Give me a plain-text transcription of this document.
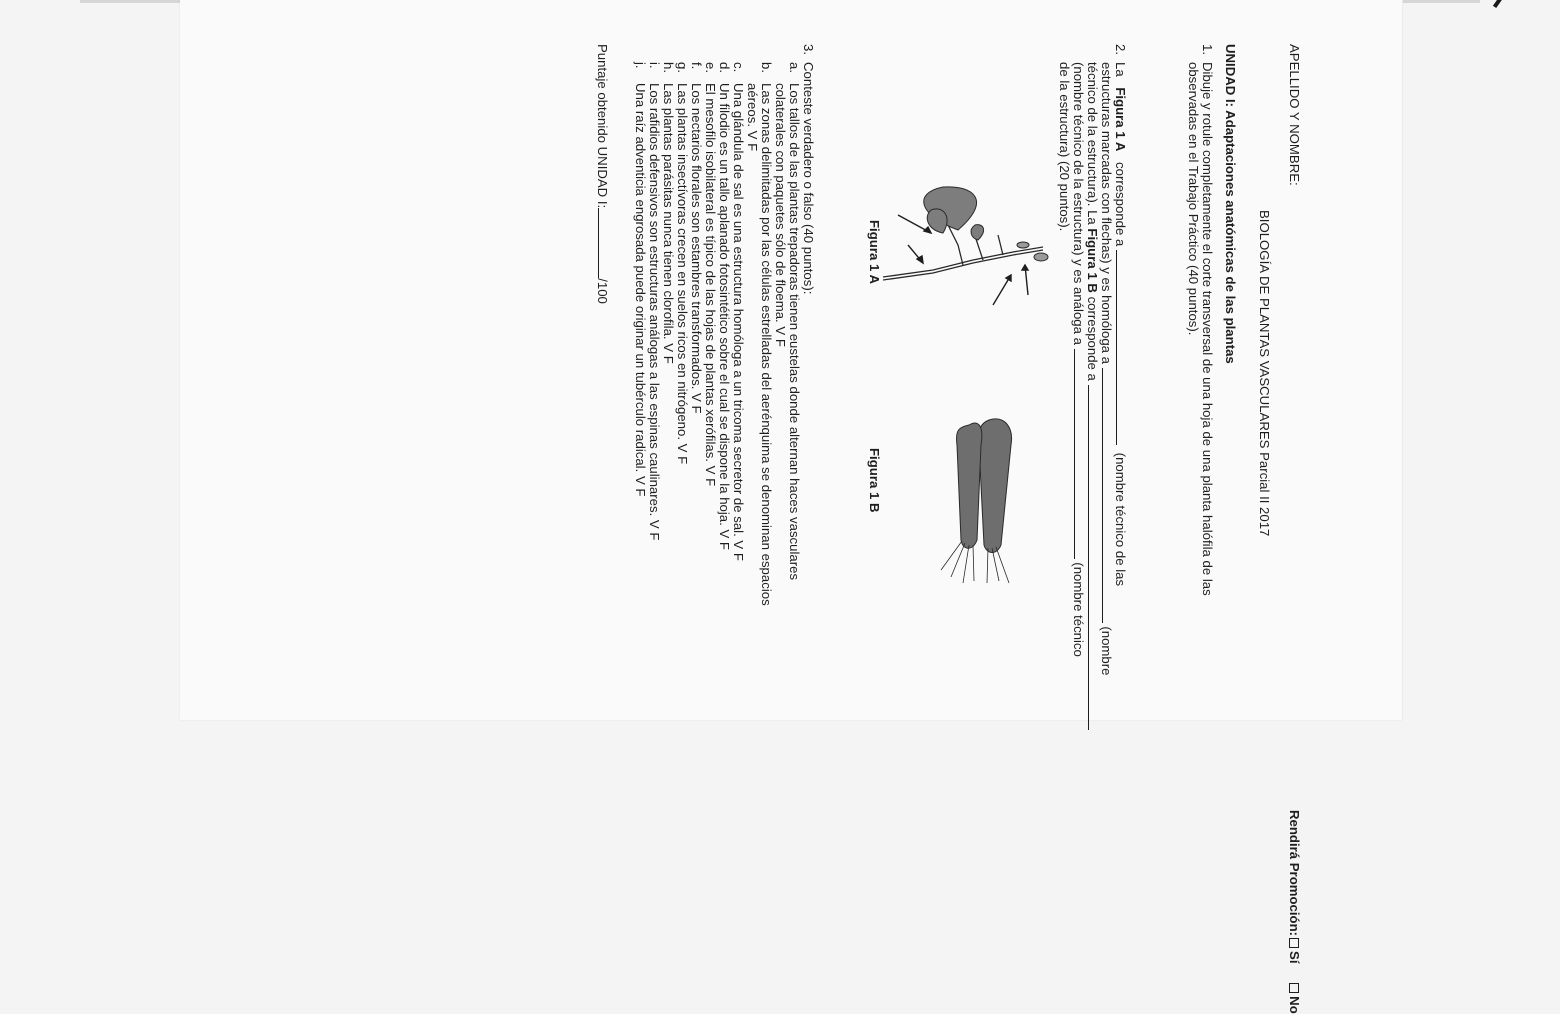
APELLIDO Y NOMBRE:
Rendirá Promoción:Sí No
BIOLOGÍA DE PLANTAS VASCULARES Parcial II 2017
UNIDAD I: Adaptaciones anatómicas de las plantas
1.
Dibuje y rotule completamente el corte transversal de una hoja de una planta halófila de las
observadas en el Trabajo Práctico (40 puntos).
2.
La Figura 1 A corresponde a  (nombre técnico de las
estructuras marcadas con flechas) y es homóloga a  (nombre
técnico de la estructura). La Figura 1 B corresponde a
(nombre técnico de la estructura) y es análoga a  (nombre técnico
de la estructura) (20 puntos).
Figura 1 A
Figura 1 B
3.
Conteste verdadero o falso (40 puntos):
a.
Los tallos de las plantas trepadoras tienen eustelas donde alternan haces vasculares
colaterales con paquetes sólo de floema. V F
b.
Las zonas delimitadas por las células estrelladas del aerénquima se denominan espacios
aéreos. V F
c.
Una glándula de sal es una estructura homóloga a un tricoma secretor de sal. V F
d.
Un filodio es un tallo aplanado fotosintético sobre el cual se dispone la hoja. V F
e.
El mesofilo isobilateral es típico de las hojas de plantas xerófilas. V F
f.
Los nectarios florales son estambres transformados. V F
g.
Las plantas insectívoras crecen en suelos ricos en nitrógeno. V F
h.
Las plantas parásitas nunca tienen clorofila. V F
i.
Los rafidios defensivos son estructuras análogas a las espinas caulinares. V F
j.
Una raíz adventicia engrosada puede originar un tubérculo radical. V F
Puntaje obtenido UNIDAD I:/100
